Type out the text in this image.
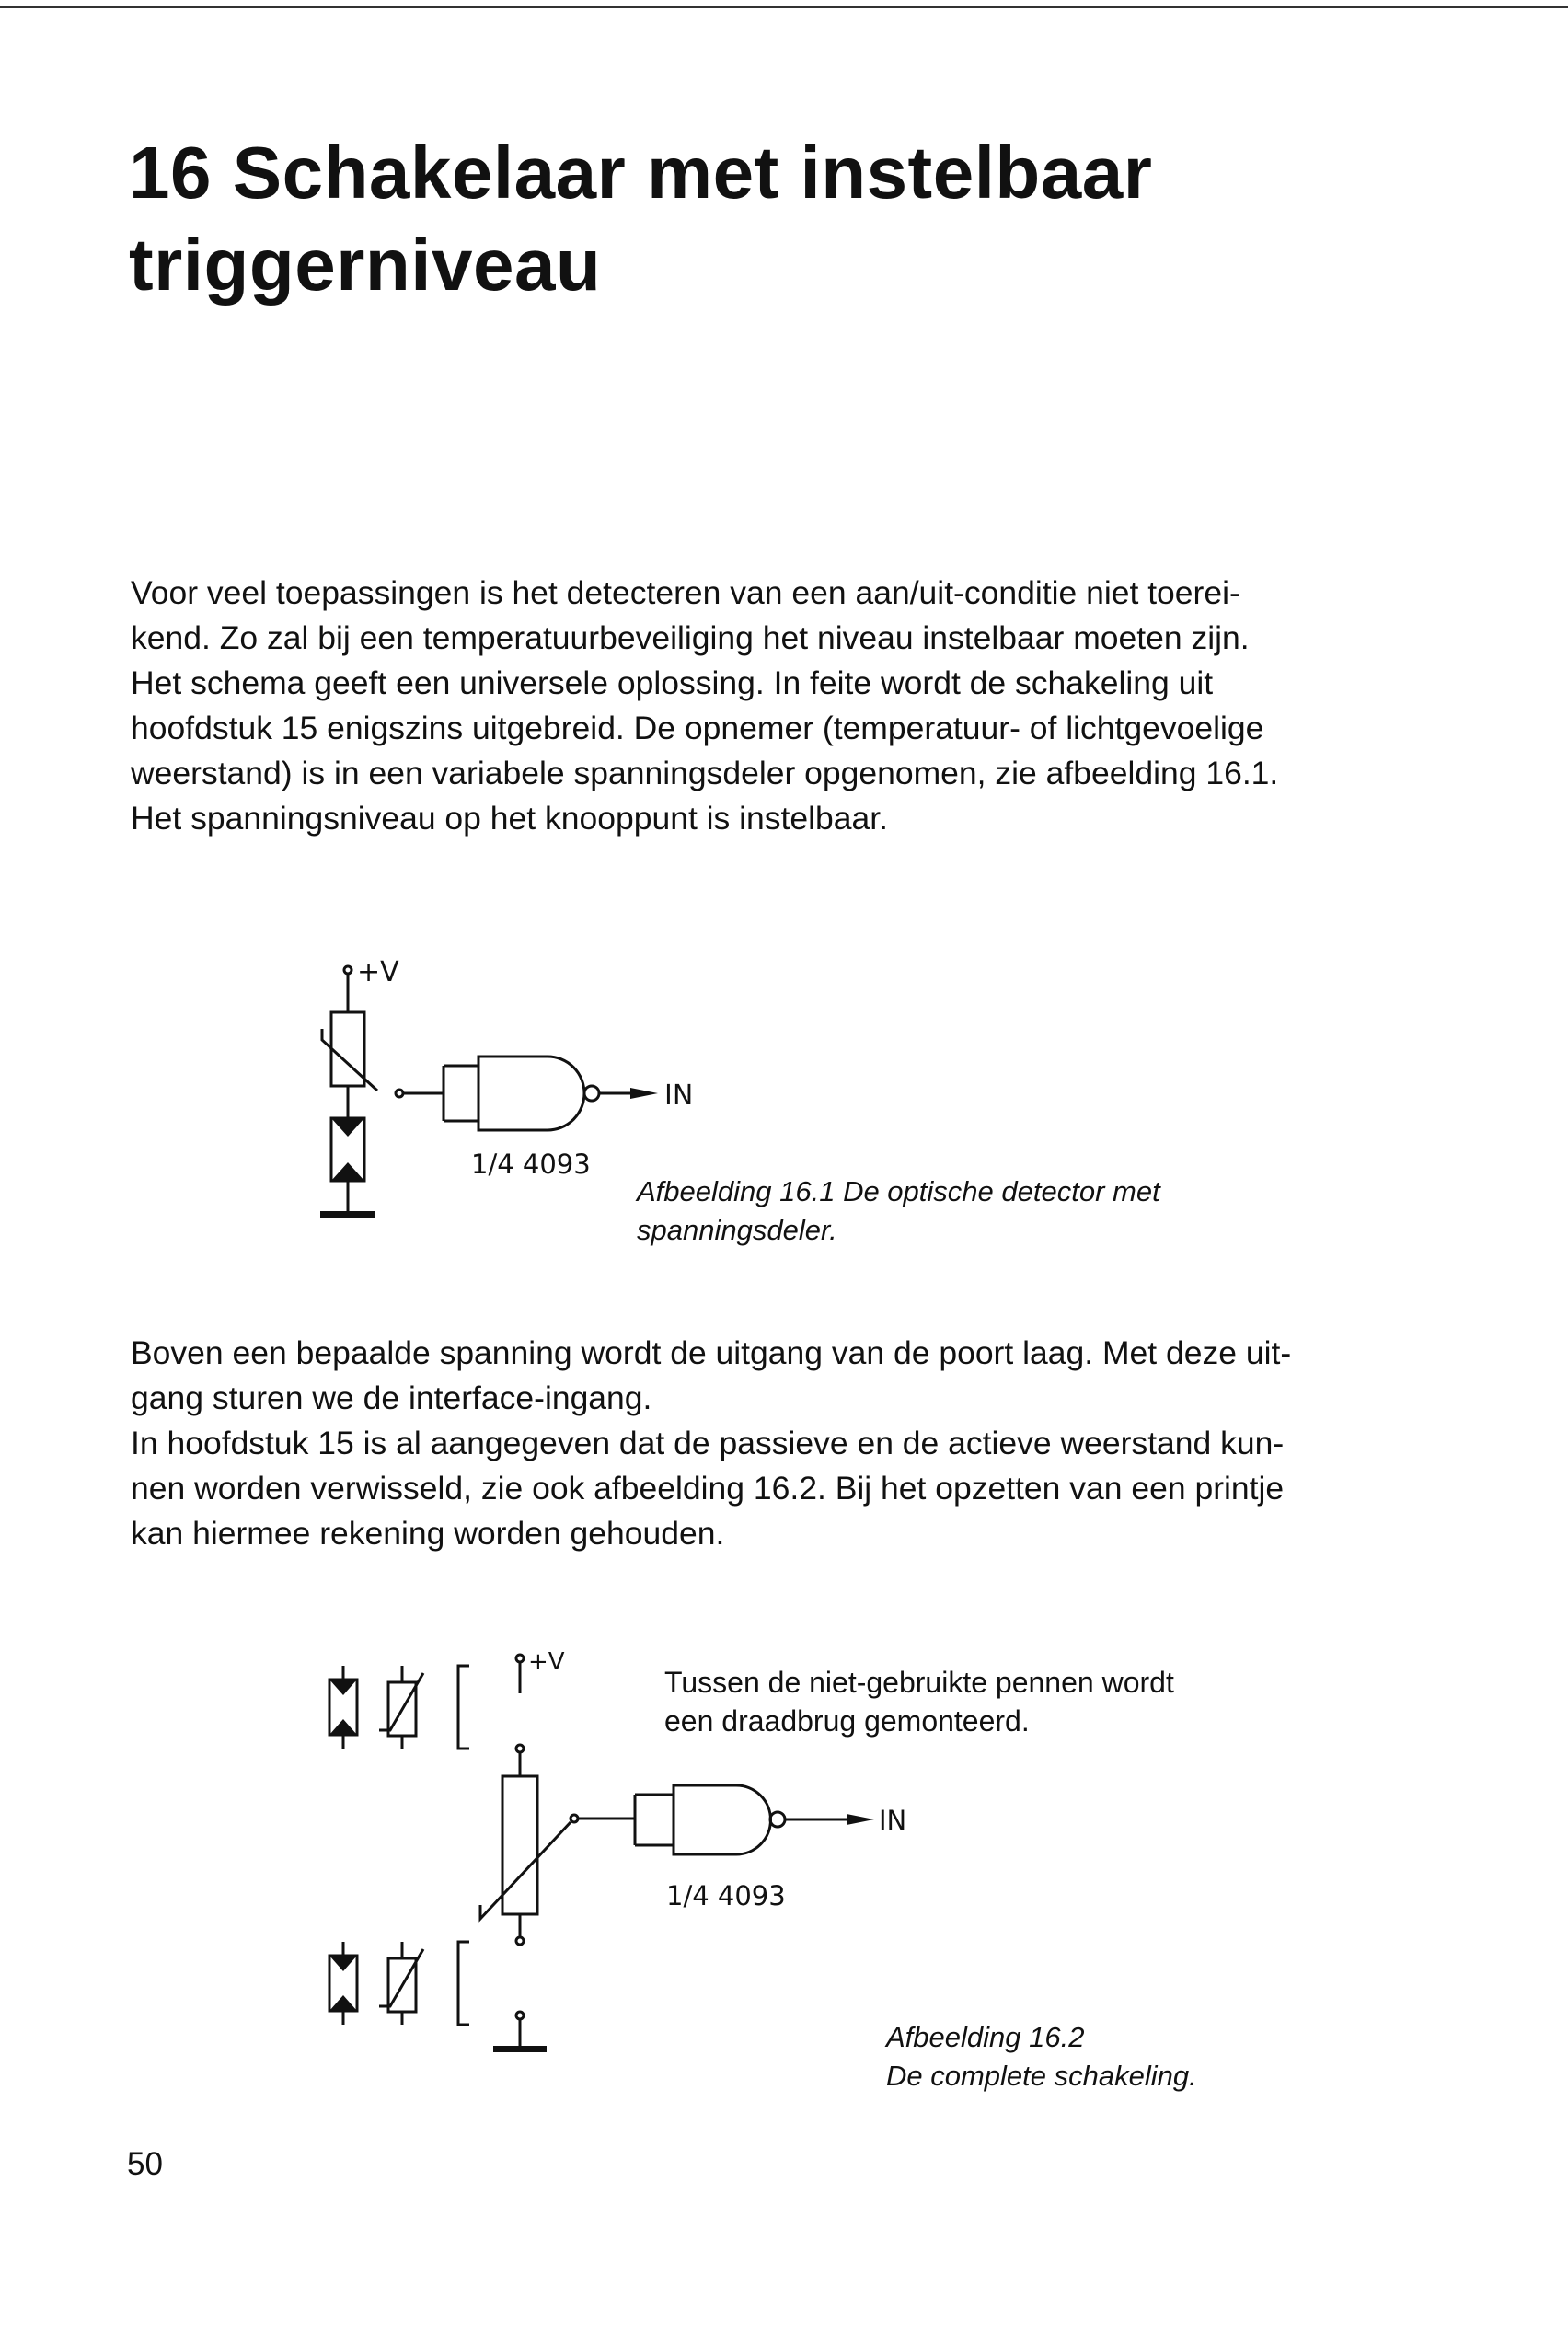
16 Schakelaar met instelbaar
triggerniveau
Voor veel toepassingen is het detecteren van een aan/uit-conditie niet toerei-
kend. Zo zal bij een temperatuurbeveiliging het niveau instelbaar moeten zijn.
Het schema geeft een universele oplossing. In feite wordt de schakeling uit
hoofdstuk 15 enigszins uitgebreid. De opnemer (temperatuur- of lichtgevoelige
weerstand) is in een variabele spanningsdeler opgenomen, zie afbeelding 16.1.
Het spanningsniveau op het knooppunt is instelbaar.
+V
IN
1/4 4093
Afbeelding 16.1 De optische detector met
spanningsdeler.
Boven een bepaalde spanning wordt de uitgang van de poort laag. Met deze uit-
gang sturen we de interface-ingang.
In hoofdstuk 15 is al aangegeven dat de passieve en de actieve weerstand kun-
nen worden verwisseld, zie ook afbeelding 16.2. Bij het opzetten van een printje
kan hiermee rekening worden gehouden.
+V
IN
1/4 4093
Tussen de niet-gebruikte pennen wordt
een draadbrug gemonteerd.
Afbeelding 16.2
De complete schakeling.

50
